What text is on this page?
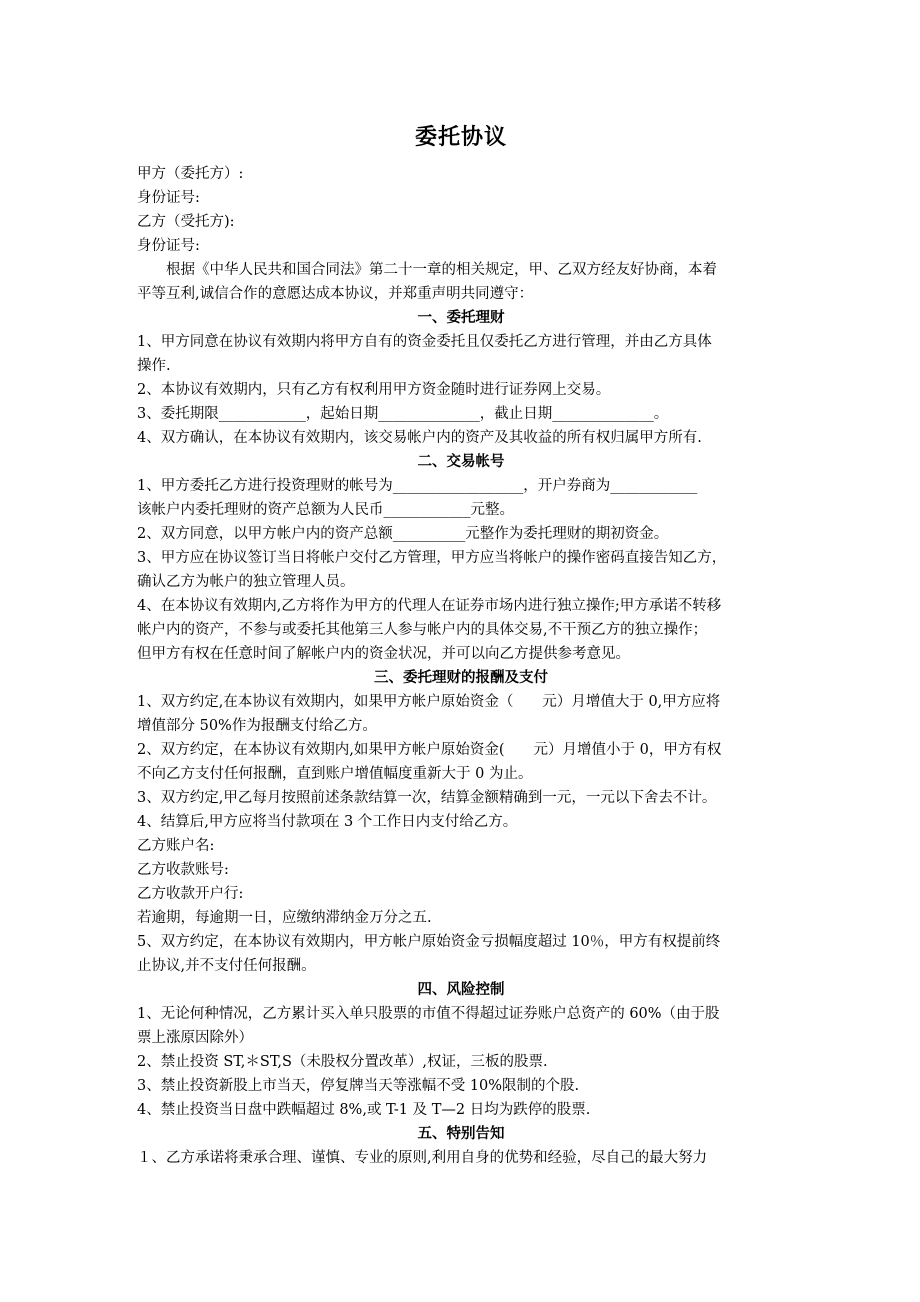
委托协议

甲方（委托方）:

身份证号:

乙方（受托方):

身份证号:

根据《中华人民共和国合同法》第二十一章的相关规定，甲、乙双方经友好协商，本着

平等互利,诚信合作的意愿达成本协议，并郑重声明共同遵守：

一、委托理财

1、甲方同意在协议有效期内将甲方自有的资金委托且仅委托乙方进行管理，并由乙方具体

操作.

2、本协议有效期内，只有乙方有权利用甲方资金随时进行证券网上交易。

3、委托期限____________，起始日期______________，截止日期______________。

4、双方确认，在本协议有效期内，该交易帐户内的资产及其收益的所有权归属甲方所有.

二、交易帐号

1、甲方委托乙方进行投资理财的帐号为__________________，开户券商为____________

该帐户内委托理财的资产总额为人民币____________元整。

2、双方同意，以甲方帐户内的资产总额__________元整作为委托理财的期初资金。

3、甲方应在协议签订当日将帐户交付乙方管理，甲方应当将帐户的操作密码直接告知乙方，

确认乙方为帐户的独立管理人员。

4、在本协议有效期内,乙方将作为甲方的代理人在证券市场内进行独立操作;甲方承诺不转移

帐户内的资产，不参与或委托其他第三人参与帐户内的具体交易,不干预乙方的独立操作；

但甲方有权在任意时间了解帐户内的资金状况，并可以向乙方提供参考意见。

三、委托理财的报酬及支付

1、双方约定,在本协议有效期内，如果甲方帐户原始资金（　　元）月增值大于 0,甲方应将

增值部分 50%作为报酬支付给乙方。

2、双方约定，在本协议有效期内,如果甲方帐户原始资金(　　元）月增值小于 0，甲方有权

不向乙方支付任何报酬，直到账户增值幅度重新大于 0 为止。

3、双方约定,甲乙每月按照前述条款结算一次，结算金额精确到一元，一元以下舍去不计。

4、结算后,甲方应将当付款项在 3 个工作日内支付给乙方。

乙方账户名:

乙方收款账号:

乙方收款开户行:

若逾期，每逾期一日，应缴纳滞纳金万分之五.

5、双方约定，在本协议有效期内，甲方帐户原始资金亏损幅度超过 10％，甲方有权提前终

止协议,并不支付任何报酬。

四、风险控制

1、无论何种情况，乙方累计买入单只股票的市值不得超过证券账户总资产的 60%（由于股

票上涨原因除外）

2、禁止投资 ST,＊ST,S（未股权分置改革）,权证，三板的股票.

3、禁止投资新股上市当天，停复牌当天等涨幅不受 10%限制的个股.

4、禁止投资当日盘中跌幅超过 8%,或 T-1 及 T—2 日均为跌停的股票.

五、特别告知

１、乙方承诺将秉承合理、谨慎、专业的原则,利用自身的优势和经验，尽自己的最大努力
